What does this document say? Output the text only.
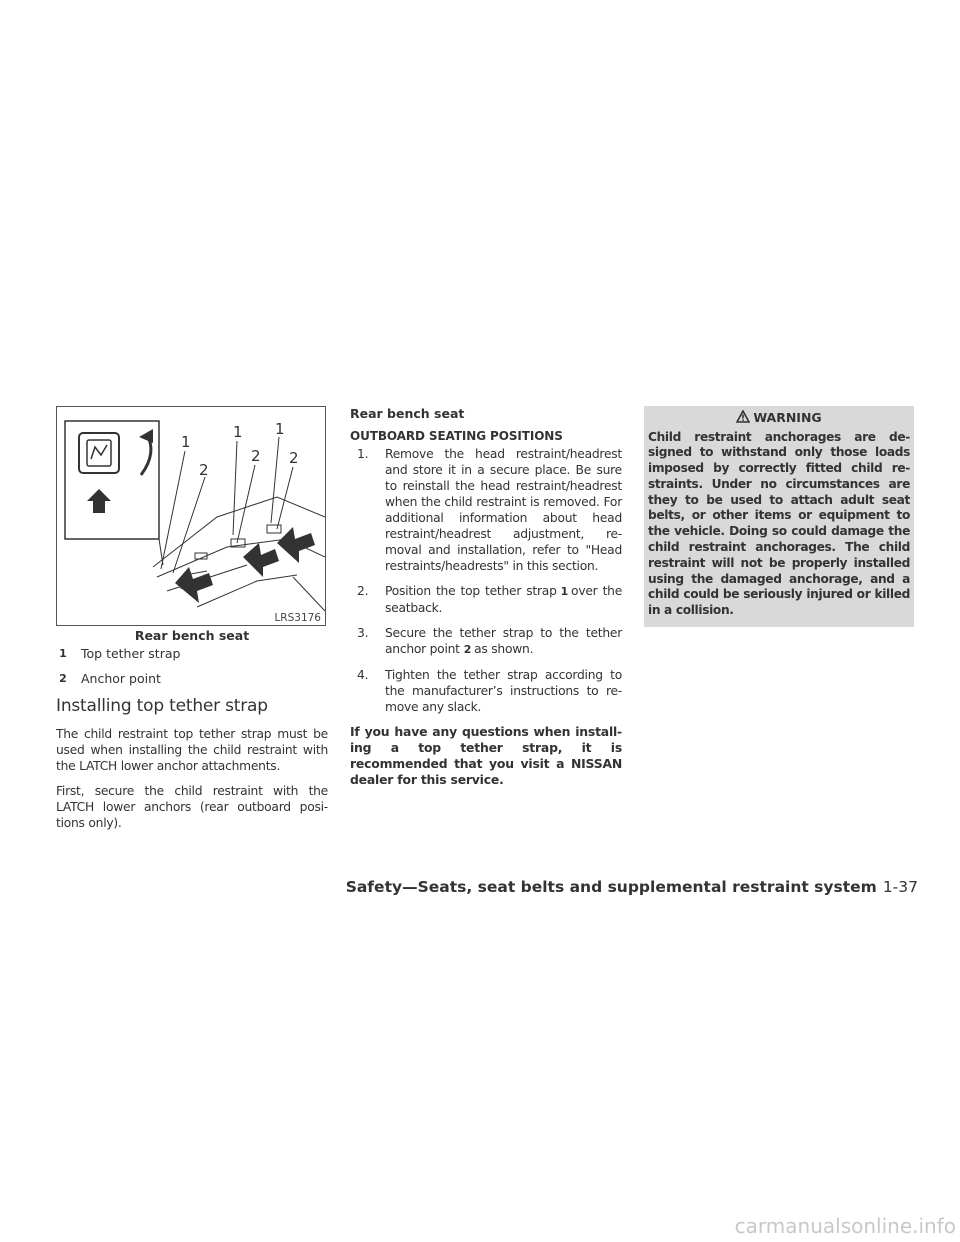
1
2
1
2
1
2
LRS3176
Rear bench seat
1 Top tether strap
2 Anchor point
Installing top tether strap

The child restraint top tether strap must be used when installing the child restraint with the LATCH lower anchor attachments.

First, secure the child restraint with the LATCH lower anchors (rear outboard posi-tions only).

Rear bench seat
OUTBOARD SEATING POSITIONS
1. Remove the head restraint/headrest and store it in a secure place. Be sure to reinstall the head restraint/headrest when the child restraint is removed. For additional information about head restraint/headrest adjustment, re-moval and installation, refer to "Head restraints/headrests" in this section.
2. Position the top tether strap 1 over the seatback.
3. Secure the tether strap to the tether anchor point 2 as shown.
4. Tighten the tether strap according to the manufacturer’s instructions to re-move any slack.

If you have any questions when install-ing a top tether strap, it is recommended that you visit a NISSAN dealer for this service.

WARNING
Child restraint anchorages are de-signed to withstand only those loads imposed by correctly fitted child re-straints. Under no circumstances are they to be used to attach adult seat belts, or other items or equipment to the vehicle. Doing so could damage the child restraint anchorages. The child restraint will not be properly installed using the damaged anchorage, and a child could be seriously injured or killed in a collision.
Safety—Seats, seat belts and supplemental restraint system 1-37
carmanualsonline.info
